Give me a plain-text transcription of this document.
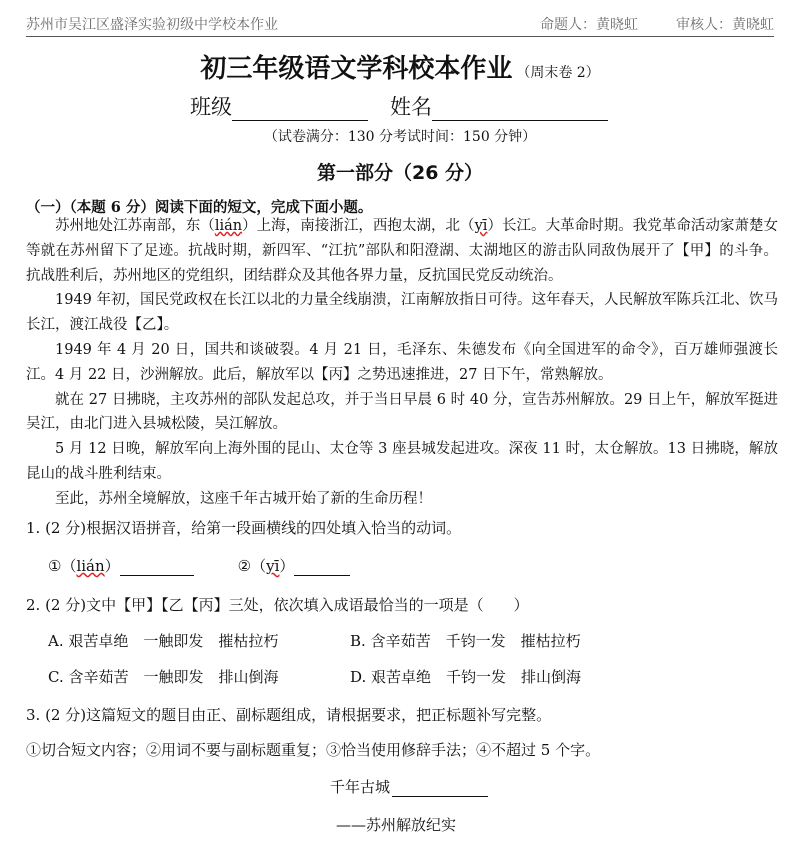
苏州市吴江区盛泽实验初级中学校本作业	命题人：黄晓虹	审核人：黄晓虹
初三年级语文学科校本作业 （周末卷 2）
班级	姓名
（试卷满分：130 分考试时间：150 分钟）
第一部分（26 分）
（一）（本题 6 分）阅读下面的短文，完成下面小题。

苏州地处江苏南部，东（lián）上海，南接浙江，西抱太湖，北（yī）长江。大革命时期。我党革命活动家萧楚女等就在苏州留下了足迹。抗战时期，新四军、“江抗”部队和阳澄湖、太湖地区的游击队同敌伪展开了【甲】的斗争。抗战胜利后，苏州地区的党组织，团结群众及其他各界力量，反抗国民党反动统治。

1949 年初，国民党政权在长江以北的力量全线崩溃，江南解放指日可待。这年春天，人民解放军陈兵江北、饮马长江，渡江战役【乙】。

1949 年 4 月 20 日，国共和谈破裂。4 月 21 日，毛泽东、朱德发布《向全国进军的命令》，百万雄师强渡长江。4 月 22 日，沙洲解放。此后，解放军以【丙】之势迅速推进，27 日下午，常熟解放。

就在 27 日拂晓，主攻苏州的部队发起总攻，并于当日早晨 6 时 40 分，宣告苏州解放。29 日上午，解放军挺进吴江，由北门进入县城松陵，吴江解放。

5 月 12 日晚，解放军向上海外围的昆山、太仓等 3 座县城发起进攻。深夜 11 时，太仓解放。13 日拂晓，解放昆山的战斗胜利结束。

至此，苏州全境解放，这座千年古城开始了新的生命历程！

1. (2 分)根据汉语拼音，给第一段画横线的四处填入恰当的动词。
①（lián）	②（yī）
2. (2 分)文中【甲】【乙【丙】三处，依次填入成语最恰当的一项是（　　）
A. 艰苦卓绝　一触即发　摧枯拉朽	B. 含辛茹苦　千钧一发　摧枯拉朽
C. 含辛茹苦　一触即发　排山倒海	D. 艰苦卓绝　千钧一发　排山倒海
3. (2 分)这篇短文的题目由正、副标题组成，请根据要求，把正标题补写完整。
①切合短文内容；②用词不要与副标题重复；③恰当使用修辞手法；④不超过 5 个字。
千年古城
——苏州解放纪实
